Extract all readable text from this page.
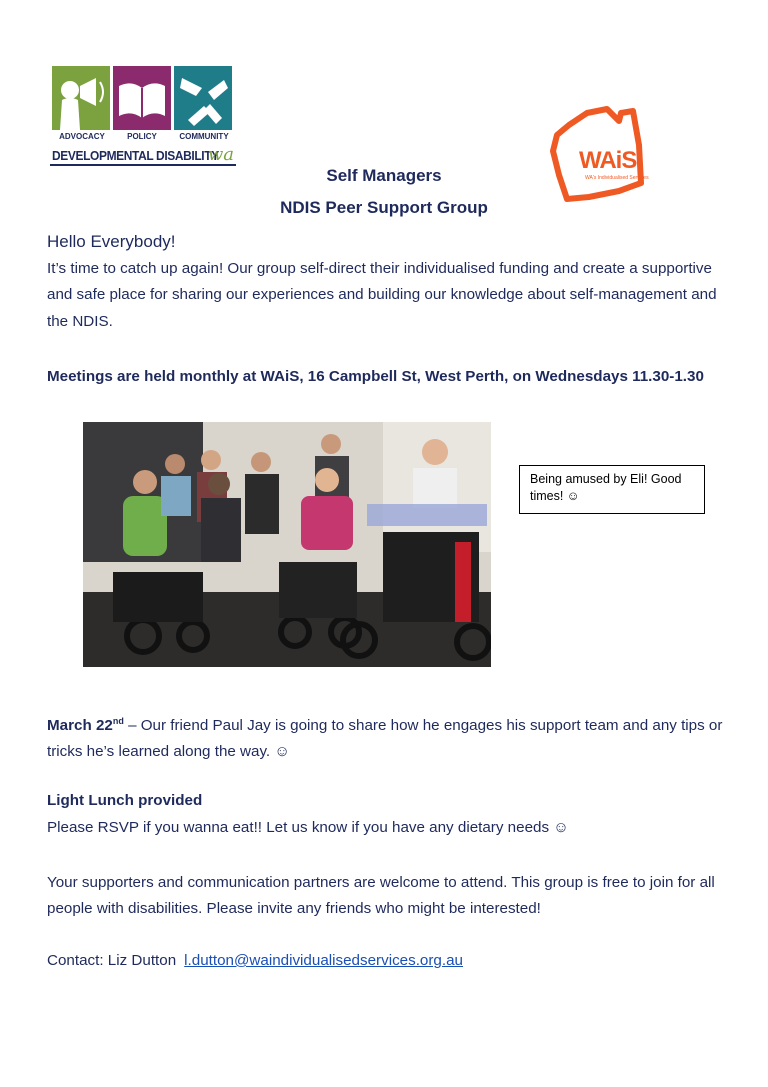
ADVOCACY	POLICY	COMMUNITY
DEVELOPMENTAL DISABILITY
wa	WAiS
WA's Individualised Services
Self Managers
NDIS Peer Support Group
Hello Everybody!
It’s time to catch up again! Our group self-direct their individualised funding and create a supportive and safe place for sharing our experiences and building our knowledge about self-management and the NDIS.
Meetings are held monthly at WAiS, 16 Campbell St, West Perth, on Wednesdays 11.30-1.30
Being amused by Eli! Good times! ☺
March 22nd – Our friend Paul Jay is going to share how he engages his support team and any tips or tricks he’s learned along the way. ☺
Light Lunch provided
Please RSVP if you wanna eat!! Let us know if you have any dietary needs ☺
Your supporters and communication partners are welcome to attend. This group is free to join for all people with disabilities. Please invite any friends who might be interested!
Contact: Liz Dutton l.dutton@waindividualisedservices.org.au
